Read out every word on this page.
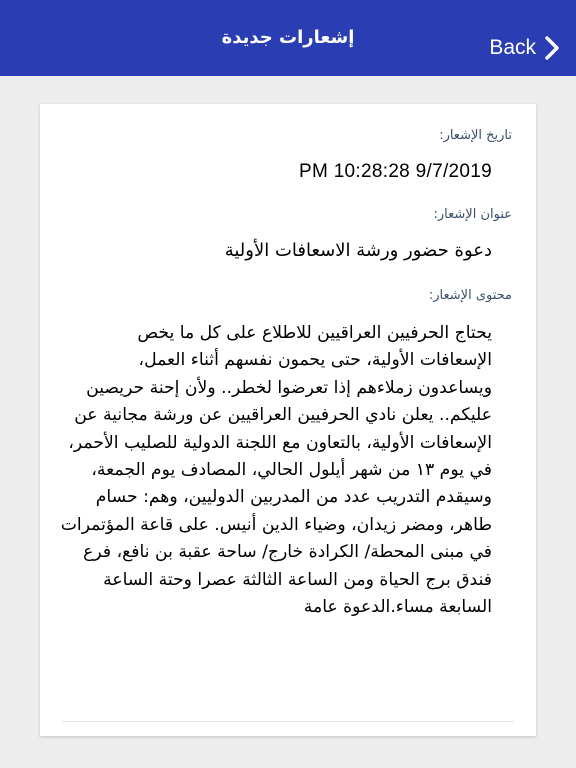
إشعارات جديدة	Back
تاريخ الإشعار:
PM 10:28:28 9/7/2019
عنوان الإشعار:
دعوة حضور ورشة الاسعافات الأولية
محتوى الإشعار:
يحتاج الحرفيين العراقيين للاطلاع على كل ما يخص الإسعافات الأولية، حتى يحمون نفسهم أثناء العمل، ويساعدون زملاءهم إذا تعرضوا لخطر.. ولأن إحنة حريصين عليكم.. يعلن نادي الحرفيين العراقيين عن ورشة مجانية عن الإسعافات الأولية، بالتعاون مع اللجنة الدولية للصليب الأحمر، في يوم ١٣ من شهر أيلول الحالي، المصادف يوم الجمعة، وسيقدم التدريب عدد من المدربين الدوليين، وهم: حسام طاهر، ومضر زيدان، وضياء الدين أنيس. على قاعة المؤتمرات في مبنى المحطة/ الكرادة خارج/ ساحة عقبة بن نافع، فرع فندق برج الحياة ومن الساعة الثالثة عصرا وحتة الساعة السابعة مساء.الدعوة عامة
